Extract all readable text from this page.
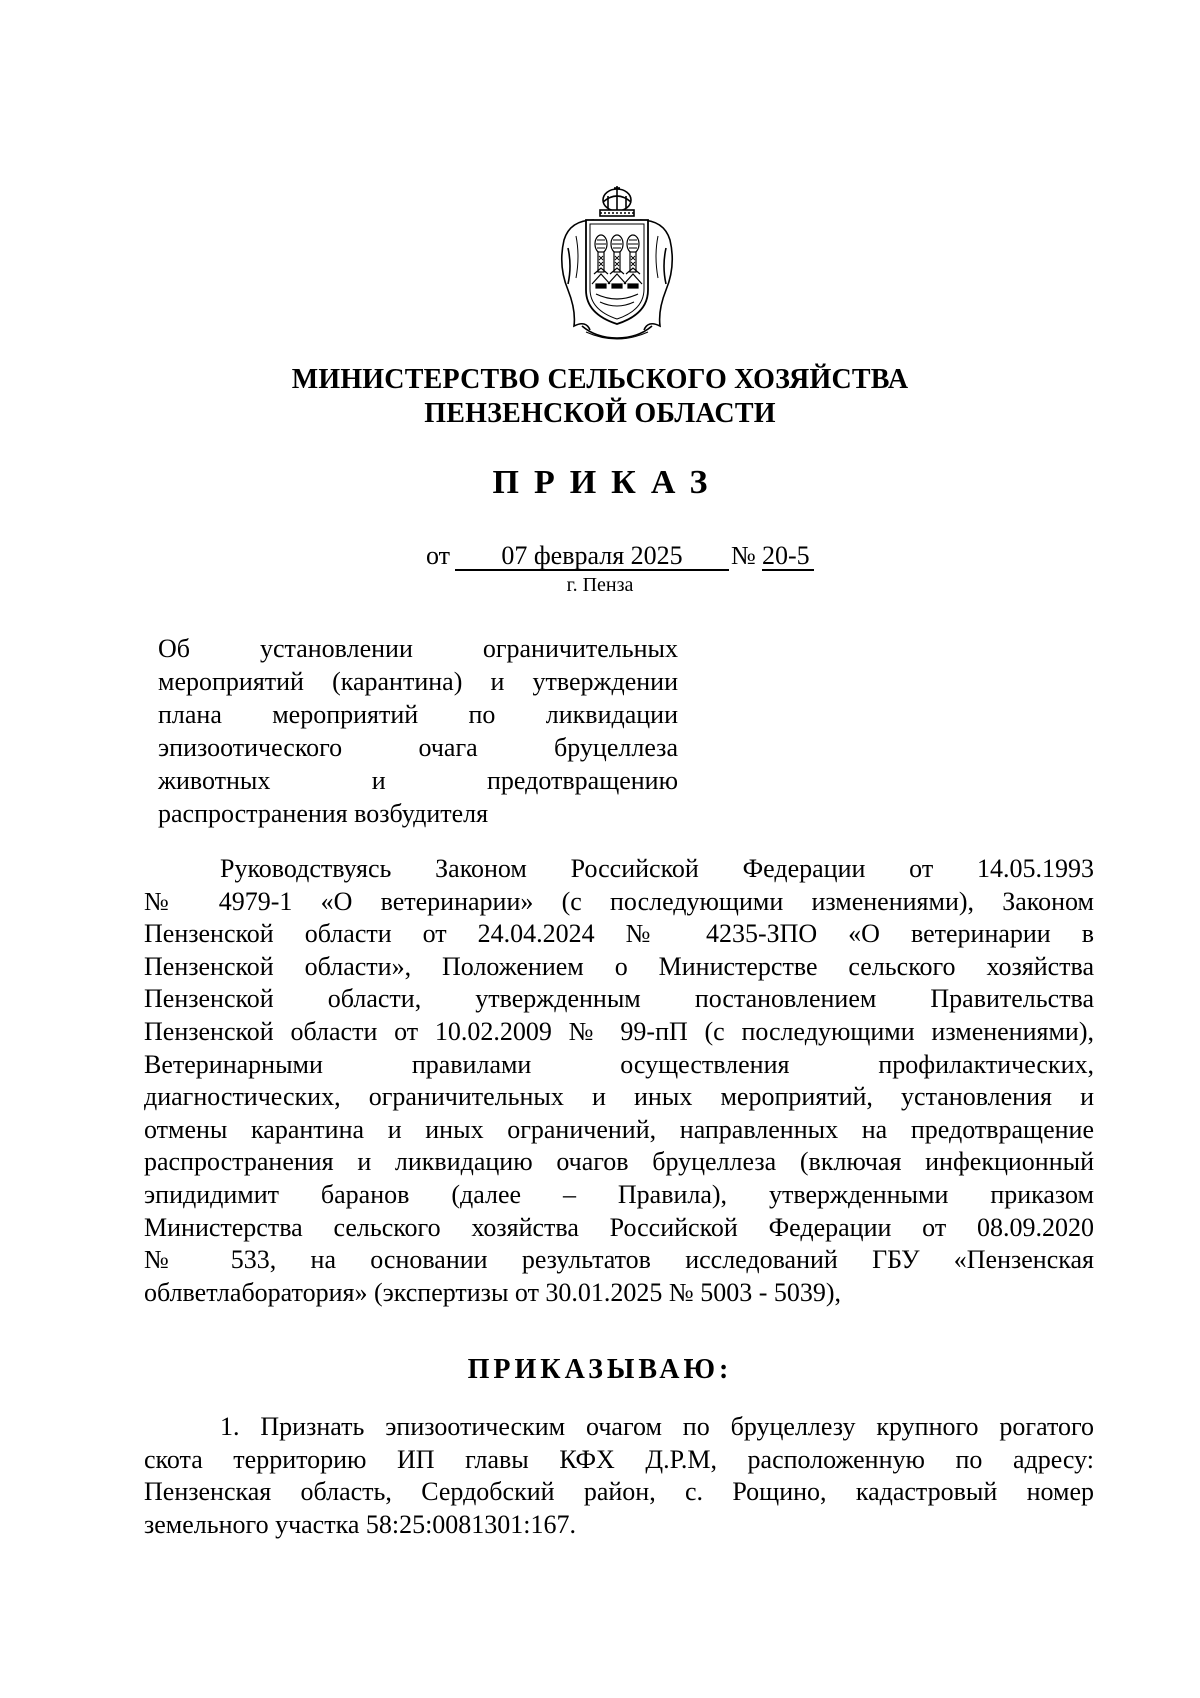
МИНИСТЕРСТВО СЕЛЬСКОГО ХОЗЯЙСТВА
ПЕНЗЕНСКОЙ ОБЛАСТИ
ПРИКАЗ
от	07 февраля 2025	№ 20-5
г. Пенза
Об установлении ограничительных
мероприятий (карантина) и утверждении
плана мероприятий по ликвидации
эпизоотического очага бруцеллеза
животных и предотвращению
распространения возбудителя
Руководствуясь Законом Российской Федерации от 14.05.1993
№ 4979-1 «О ветеринарии» (с последующими изменениями), Законом
Пензенской области от 24.04.2024 № 4235-ЗПО «О ветеринарии в
Пензенской области», Положением о Министерстве сельского хозяйства
Пензенской области, утвержденным постановлением Правительства
Пензенской области от 10.02.2009 № 99-пП (с последующими изменениями),
Ветеринарными правилами осуществления профилактических,
диагностических, ограничительных и иных мероприятий, установления и
отмены карантина и иных ограничений, направленных на предотвращение
распространения и ликвидацию очагов бруцеллеза (включая инфекционный
эпидидимит баранов (далее – Правила), утвержденными приказом
Министерства сельского хозяйства Российской Федерации от 08.09.2020
№ 533, на основании результатов исследований ГБУ «Пензенская
облветлаборатория» (экспертизы от 30.01.2025 № 5003 - 5039),
ПРИКАЗЫВАЮ:
1. Признать эпизоотическим очагом по бруцеллезу крупного рогатого
скота территорию ИП главы КФХ Д.Р.М, расположенную по адресу:
Пензенская область, Сердобский район, с. Рощино, кадастровый номер
земельного участка 58:25:0081301:167.
